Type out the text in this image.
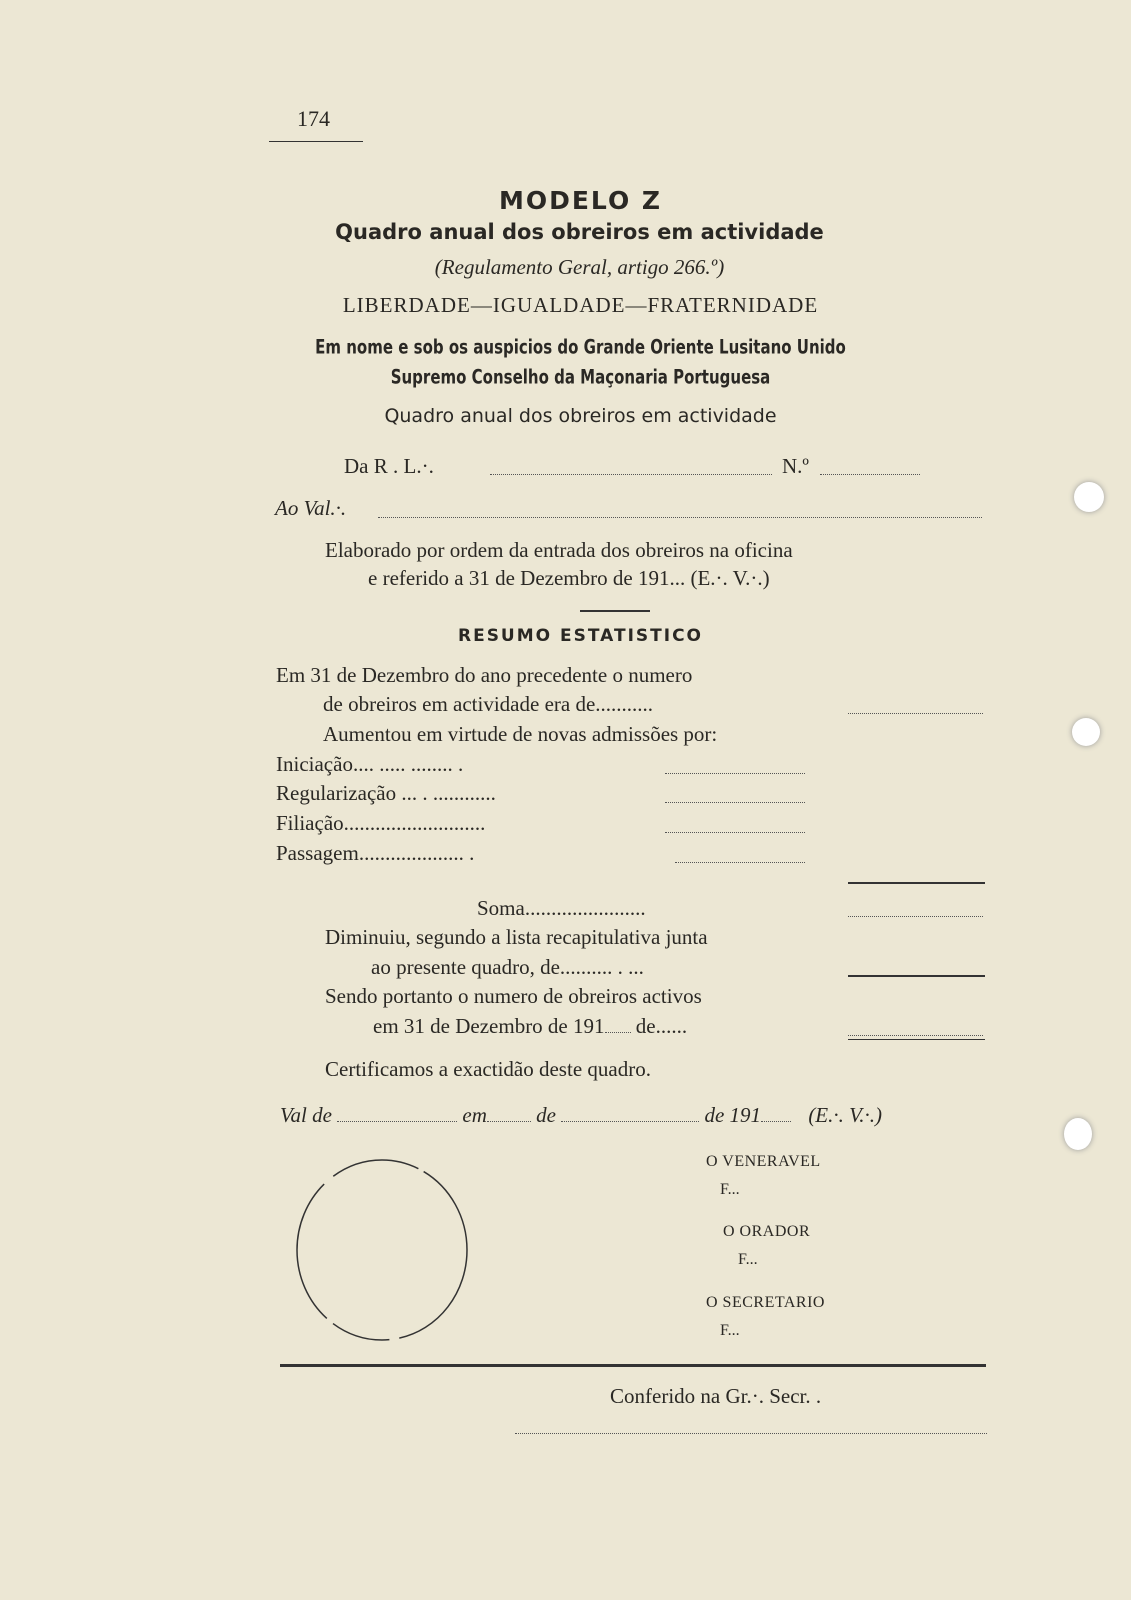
174
MODELO Z
Quadro anual dos obreiros em actividade
(Regulamento Geral, artigo 266.º)
LIBERDADE—IGUALDADE—FRATERNIDADE
Em nome e sob os auspicios do Grande Oriente Lusitano Unido
Supremo Conselho da Maçonaria Portuguesa
Quadro anual dos obreiros em actividade
Da R . L.·.	N.º
Ao Val.·.
Elaborado por ordem da entrada dos obreiros na oficina
e referido a 31 de Dezembro de 191... (E.·. V.·.)
RESUMO ESTATISTICO
Em 31 de Dezembro do ano precedente o numero
de obreiros em actividade era de...........
Aumentou em virtude de novas admissões por:
Iniciação.... ..... ........ .
Regularização ... . ............
Filiação...........................
Passagem.................... .
Soma.......................
Diminuiu, segundo a lista recapitulativa junta
ao presente quadro, de.......... . ...
Sendo portanto o numero de obreiros activos
em 31 de Dezembro de 191 de......
Certificamos a exactidão deste quadro.
Val de	em de	de 191 (E.·. V.·.)
O VENERAVEL
F...
O ORADOR
F...
O SECRETARIO
F...
Conferido na Gr.·. Secr. .
